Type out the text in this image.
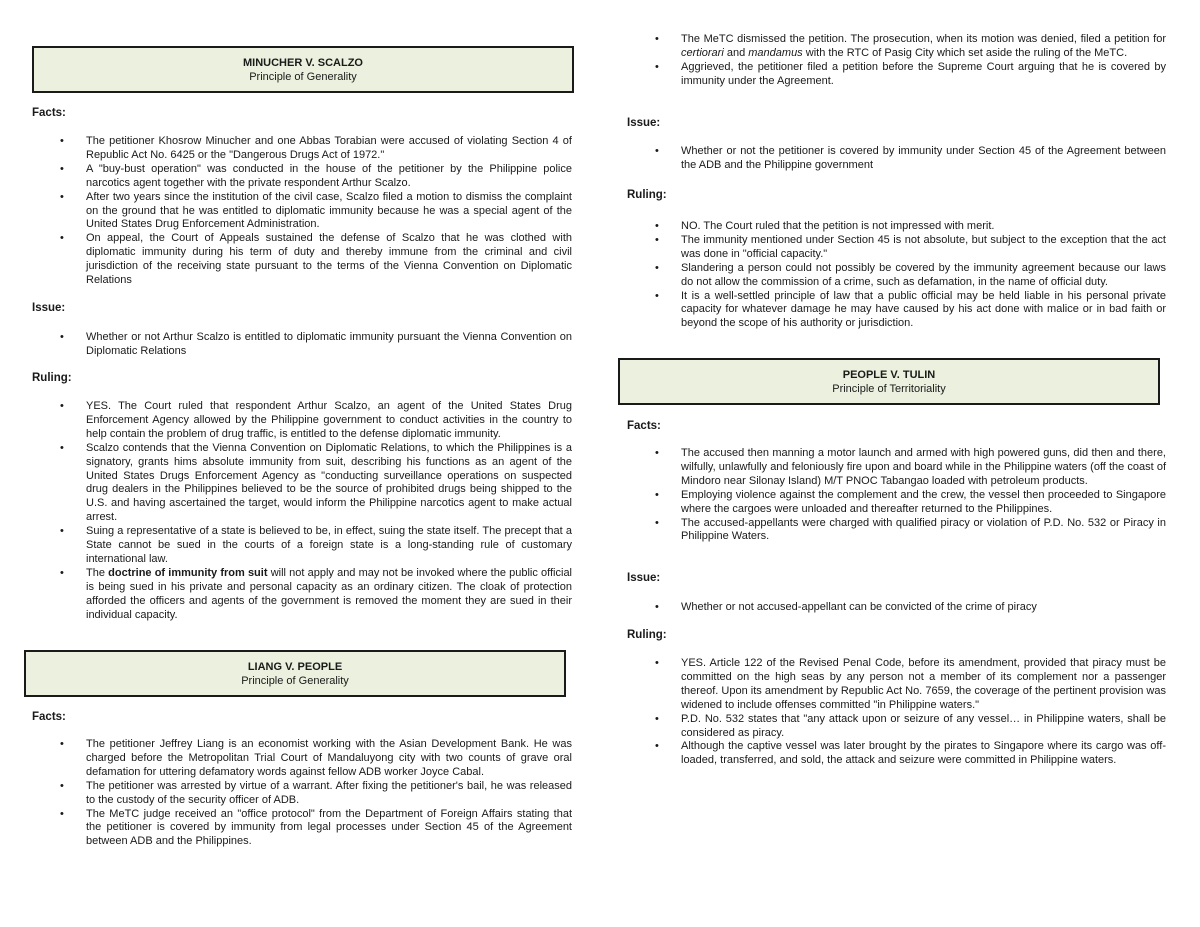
MINUCHER V. SCALZO
Principle of Generality

Facts:

• The petitioner Khosrow Minucher and one Abbas Torabian were accused of violating Section 4 of Republic Act No. 6425 or the "Dangerous Drugs Act of 1972."
• A "buy-bust operation" was conducted in the house of the petitioner by the Philippine police narcotics agent together with the private respondent Arthur Scalzo.
• After two years since the institution of the civil case, Scalzo filed a motion to dismiss the complaint on the ground that he was entitled to diplomatic immunity because he was a special agent of the United States Drug Enforcement Administration.
• On appeal, the Court of Appeals sustained the defense of Scalzo that he was clothed with diplomatic immunity during his term of duty and thereby immune from the criminal and civil jurisdiction of the receiving state pursuant to the terms of the Vienna Convention on Diplomatic Relations

Issue:

• Whether or not Arthur Scalzo is entitled to diplomatic immunity pursuant the Vienna Convention on Diplomatic Relations

Ruling:

• YES. The Court ruled that respondent Arthur Scalzo, an agent of the United States Drug Enforcement Agency allowed by the Philippine government to conduct activities in the country to help contain the problem of drug traffic, is entitled to the defense diplomatic immunity.
• Scalzo contends that the Vienna Convention on Diplomatic Relations, to which the Philippines is a signatory, grants hims absolute immunity from suit, describing his functions as an agent of the United States Drugs Enforcement Agency as "conducting surveillance operations on suspected drug dealers in the Philippines believed to be the source of prohibited drugs being shipped to the U.S. and having ascertained the target, would inform the Philippine narcotics agent to make actual arrest.
• Suing a representative of a state is believed to be, in effect, suing the state itself. The precept that a State cannot be sued in the courts of a foreign state is a long-standing rule of customary international law.
• The doctrine of immunity from suit will not apply and may not be invoked where the public official is being sued in his private and personal capacity as an ordinary citizen. The cloak of protection afforded the officers and agents of the government is removed the moment they are sued in their individual capacity.
LIANG V. PEOPLE
Principle of Generality

Facts:

• The petitioner Jeffrey Liang is an economist working with the Asian Development Bank. He was charged before the Metropolitan Trial Court of Mandaluyong city with two counts of grave oral defamation for uttering defamatory words against fellow ADB worker Joyce Cabal.
• The petitioner was arrested by virtue of a warrant. After fixing the petitioner's bail, he was released to the custody of the security officer of ADB.
• The MeTC judge received an "office protocol" from the Department of Foreign Affairs stating that the petitioner is covered by immunity from legal processes under Section 45 of the Agreement between ADB and the Philippines.
• The MeTC dismissed the petition. The prosecution, when its motion was denied, filed a petition for certiorari and mandamus with the RTC of Pasig City which set aside the ruling of the MeTC.
• Aggrieved, the petitioner filed a petition before the Supreme Court arguing that he is covered by immunity under the Agreement.

Issue:

• Whether or not the petitioner is covered by immunity under Section 45 of the Agreement between the ADB and the Philippine government

Ruling:

• NO. The Court ruled that the petition is not impressed with merit.
• The immunity mentioned under Section 45 is not absolute, but subject to the exception that the act was done in "official capacity."
• Slandering a person could not possibly be covered by the immunity agreement because our laws do not allow the commission of a crime, such as defamation, in the name of official duty.
• It is a well-settled principle of law that a public official may be held liable in his personal private capacity for whatever damage he may have caused by his act done with malice or in bad faith or beyond the scope of his authority or jurisdiction.
PEOPLE V. TULIN
Principle of Territoriality

Facts:

• The accused then manning a motor launch and armed with high powered guns, did then and there, wilfully, unlawfully and feloniously fire upon and board while in the Philippine waters (off the coast of Mindoro near Silonay Island) M/T PNOC Tabangao loaded with petroleum products.
• Employing violence against the complement and the crew, the vessel then proceeded to Singapore where the cargoes were unloaded and thereafter returned to the Philippines.
• The accused-appellants were charged with qualified piracy or violation of P.D. No. 532 or Piracy in Philippine Waters.

Issue:

• Whether or not accused-appellant can be convicted of the crime of piracy

Ruling:

• YES. Article 122 of the Revised Penal Code, before its amendment, provided that piracy must be committed on the high seas by any person not a member of its complement nor a passenger thereof. Upon its amendment by Republic Act No. 7659, the coverage of the pertinent provision was widened to include offenses committed "in Philippine waters."
• P.D. No. 532 states that "any attack upon or seizure of any vessel… in Philippine waters, shall be considered as piracy.
• Although the captive vessel was later brought by the pirates to Singapore where its cargo was off-loaded, transferred, and sold, the attack and seizure were committed in Philippine waters.
